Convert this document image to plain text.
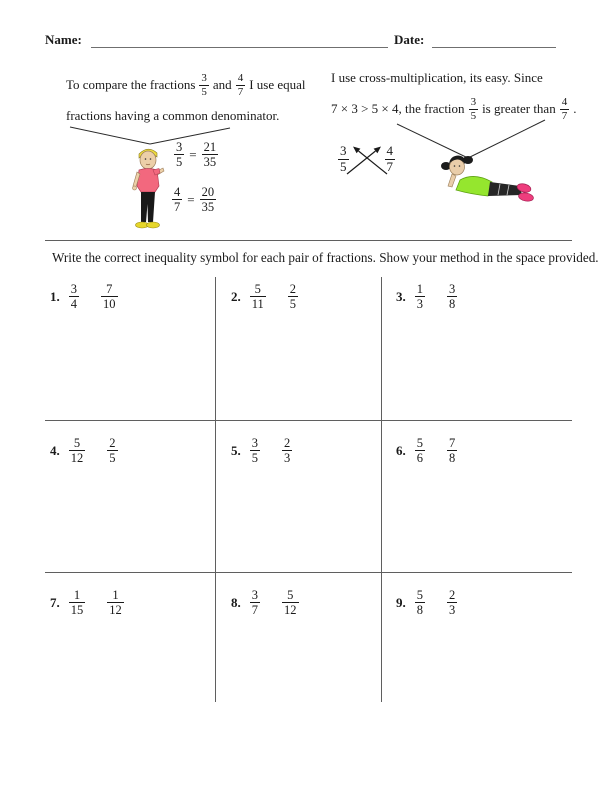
Name:	Date:
To compare the fractions $\frac{3}{5}$ and $\frac{4}{7}$ I use equal
fractions having a common denominator.
$\frac{3}{5} = \frac{21}{35}$
$\frac{4}{7} = \frac{20}{35}$
I use cross-multiplication, its easy. Since
7 × 3 > 5 × 4, the fraction $\frac{3}{5}$ is greater than $\frac{4}{7}$ .
$\frac{3}{5}$	$\frac{4}{7}$
Write the correct inequality symbol for each pair of fractions. Show your method in the space provided.
1. $\frac{3}{4} \frac{7}{10}$	2. $\frac{5}{11} \frac{2}{5}$	3. $\frac{1}{3} \frac{3}{8}$
4. $\frac{5}{12} \frac{2}{5}$	5. $\frac{3}{5} \frac{2}{3}$	6. $\frac{5}{6} \frac{7}{8}$
7. $\frac{1}{15} \frac{1}{12}$	8. $\frac{3}{7} \frac{5}{12}$	9. $\frac{5}{8} \frac{2}{3}$
